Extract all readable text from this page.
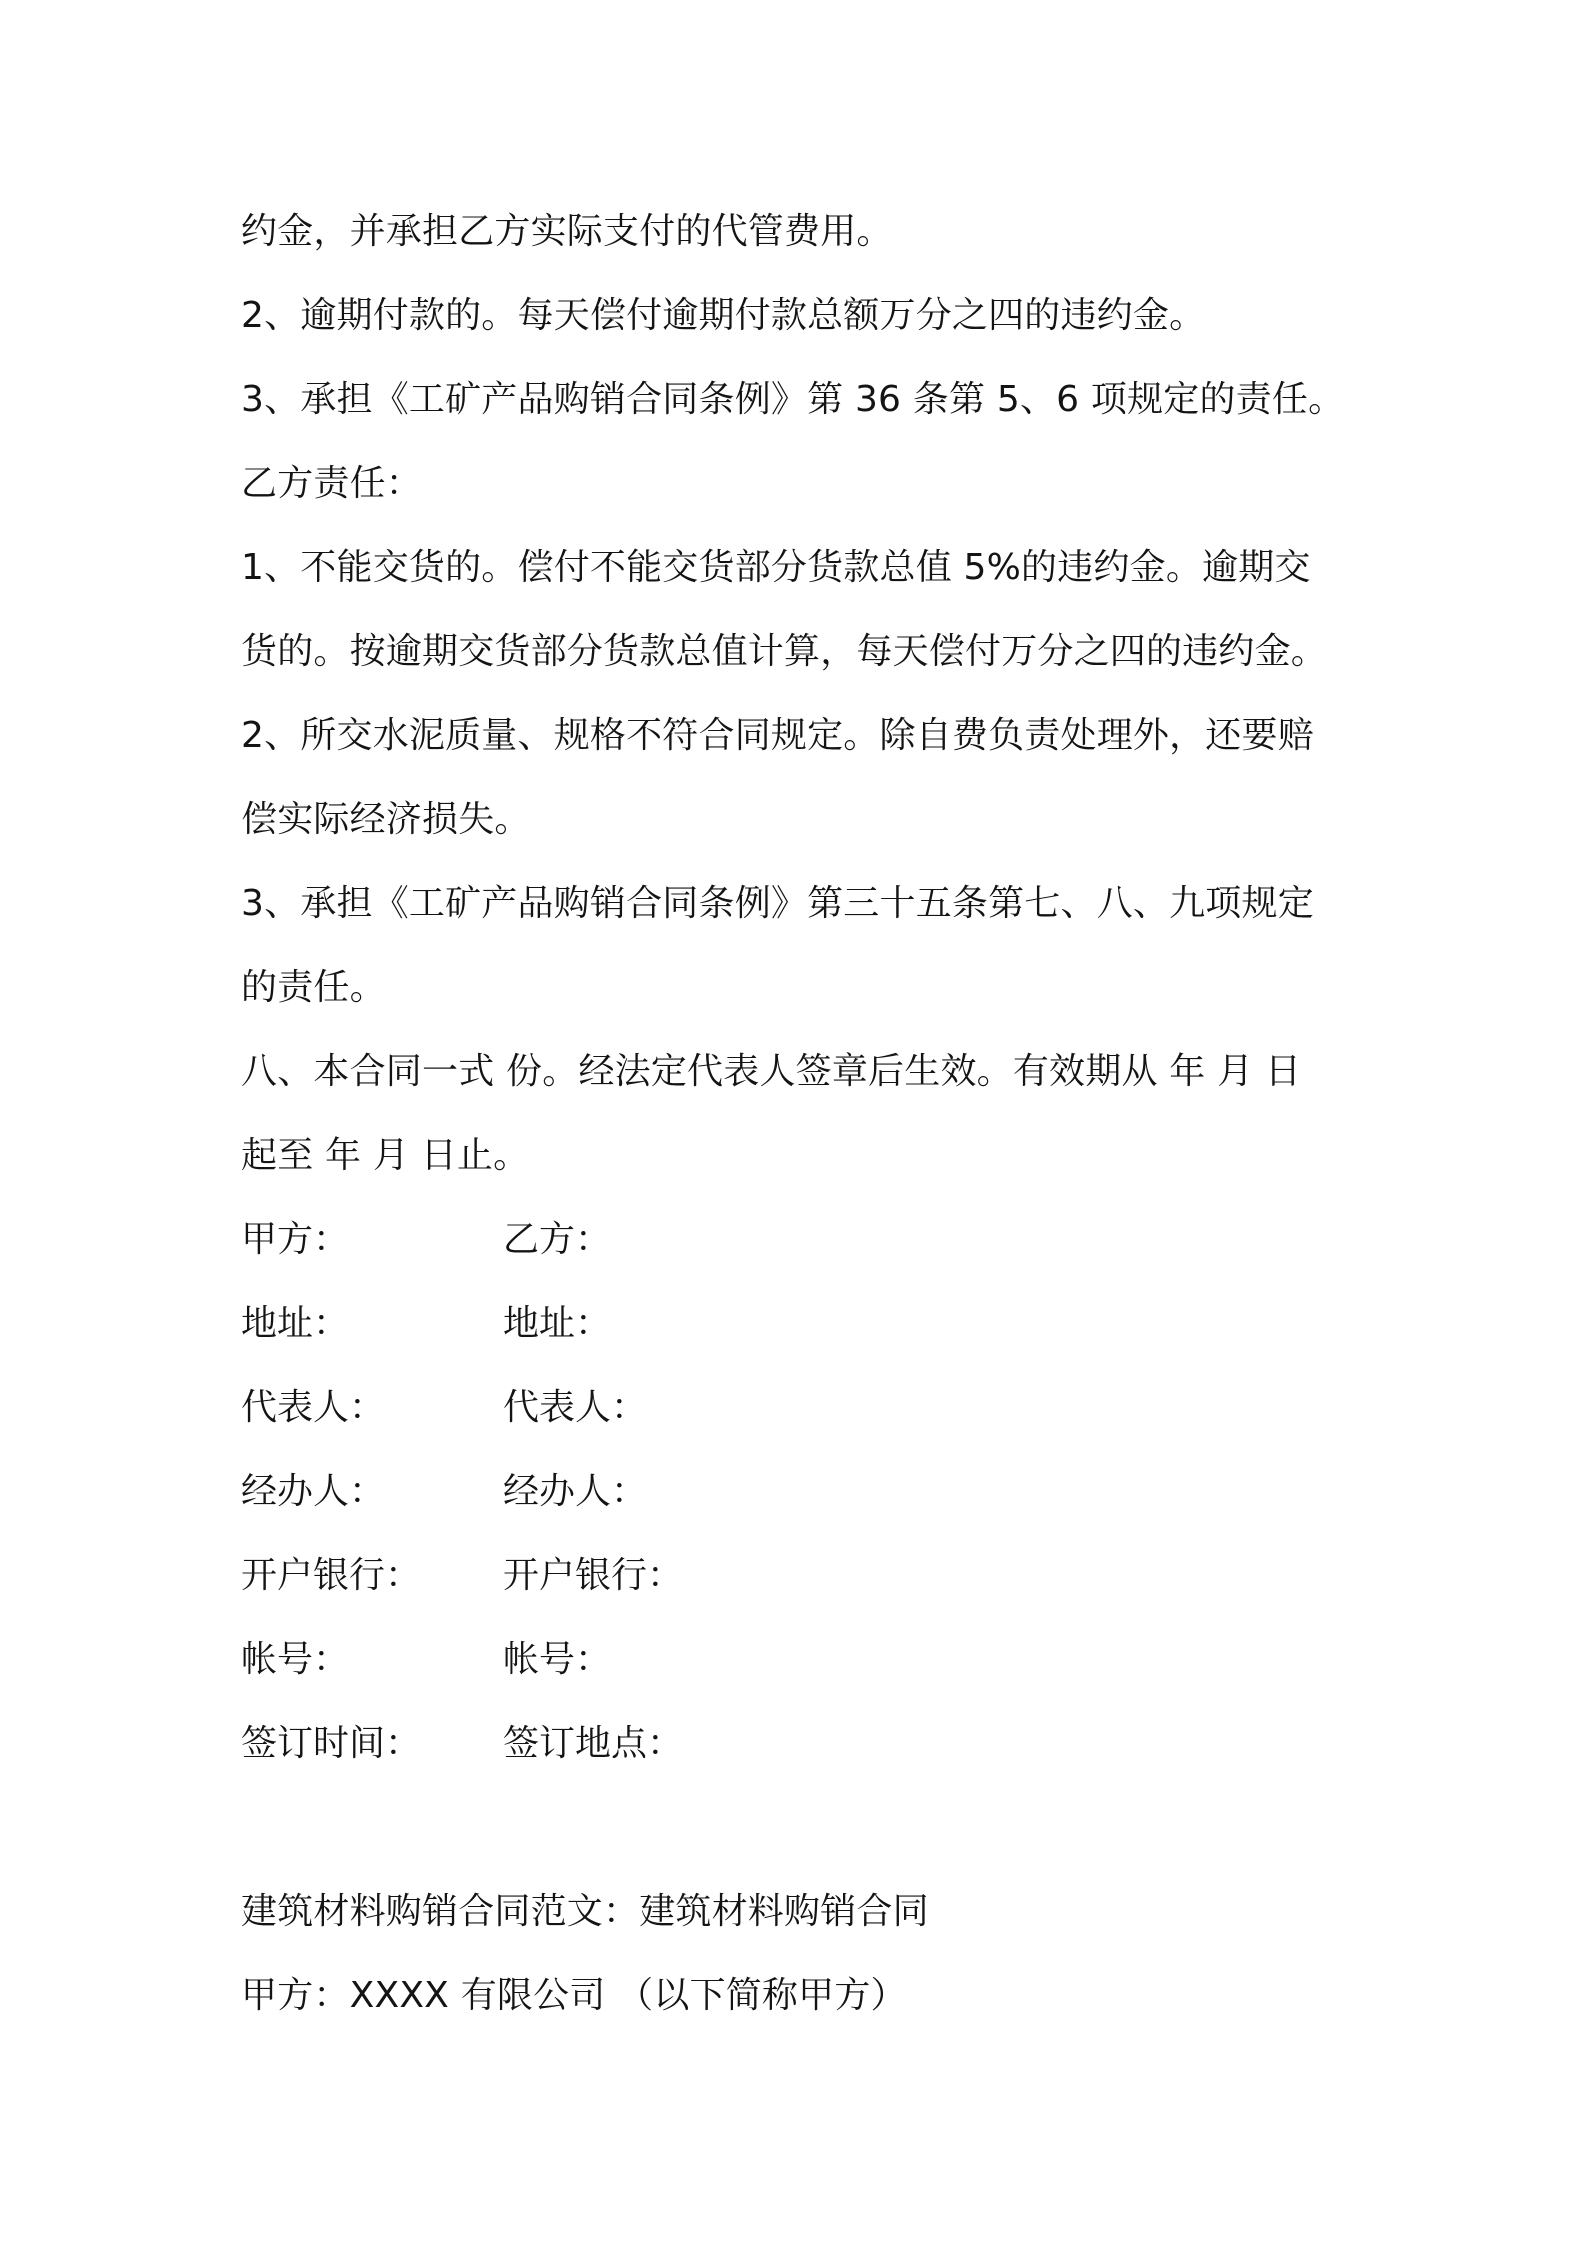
约金，并承担乙方实际支付的代管费用。
2、逾期付款的。每天偿付逾期付款总额万分之四的违约金。
3、承担《工矿产品购销合同条例》第 36 条第 5、6 项规定的责任。
乙方责任：
1、不能交货的。偿付不能交货部分货款总值 5%的违约金。逾期交
货的。按逾期交货部分货款总值计算，每天偿付万分之四的违约金。
2、所交水泥质量、规格不符合同规定。除自费负责处理外，还要赔
偿实际经济损失。
3、承担《工矿产品购销合同条例》第三十五条第七、八、九项规定
的责任。
八、本合同一式 份。经法定代表人签章后生效。有效期从 年 月 日
起至 年 月 日止。
甲方：	乙方：
地址：	地址：
代表人：	代表人：
经办人：	经办人：
开户银行：	开户银行：
帐号：	帐号：
签订时间：	签订地点：
建筑材料购销合同范文：建筑材料购销合同
甲方：XXXX 有限公司 （以下简称甲方）
